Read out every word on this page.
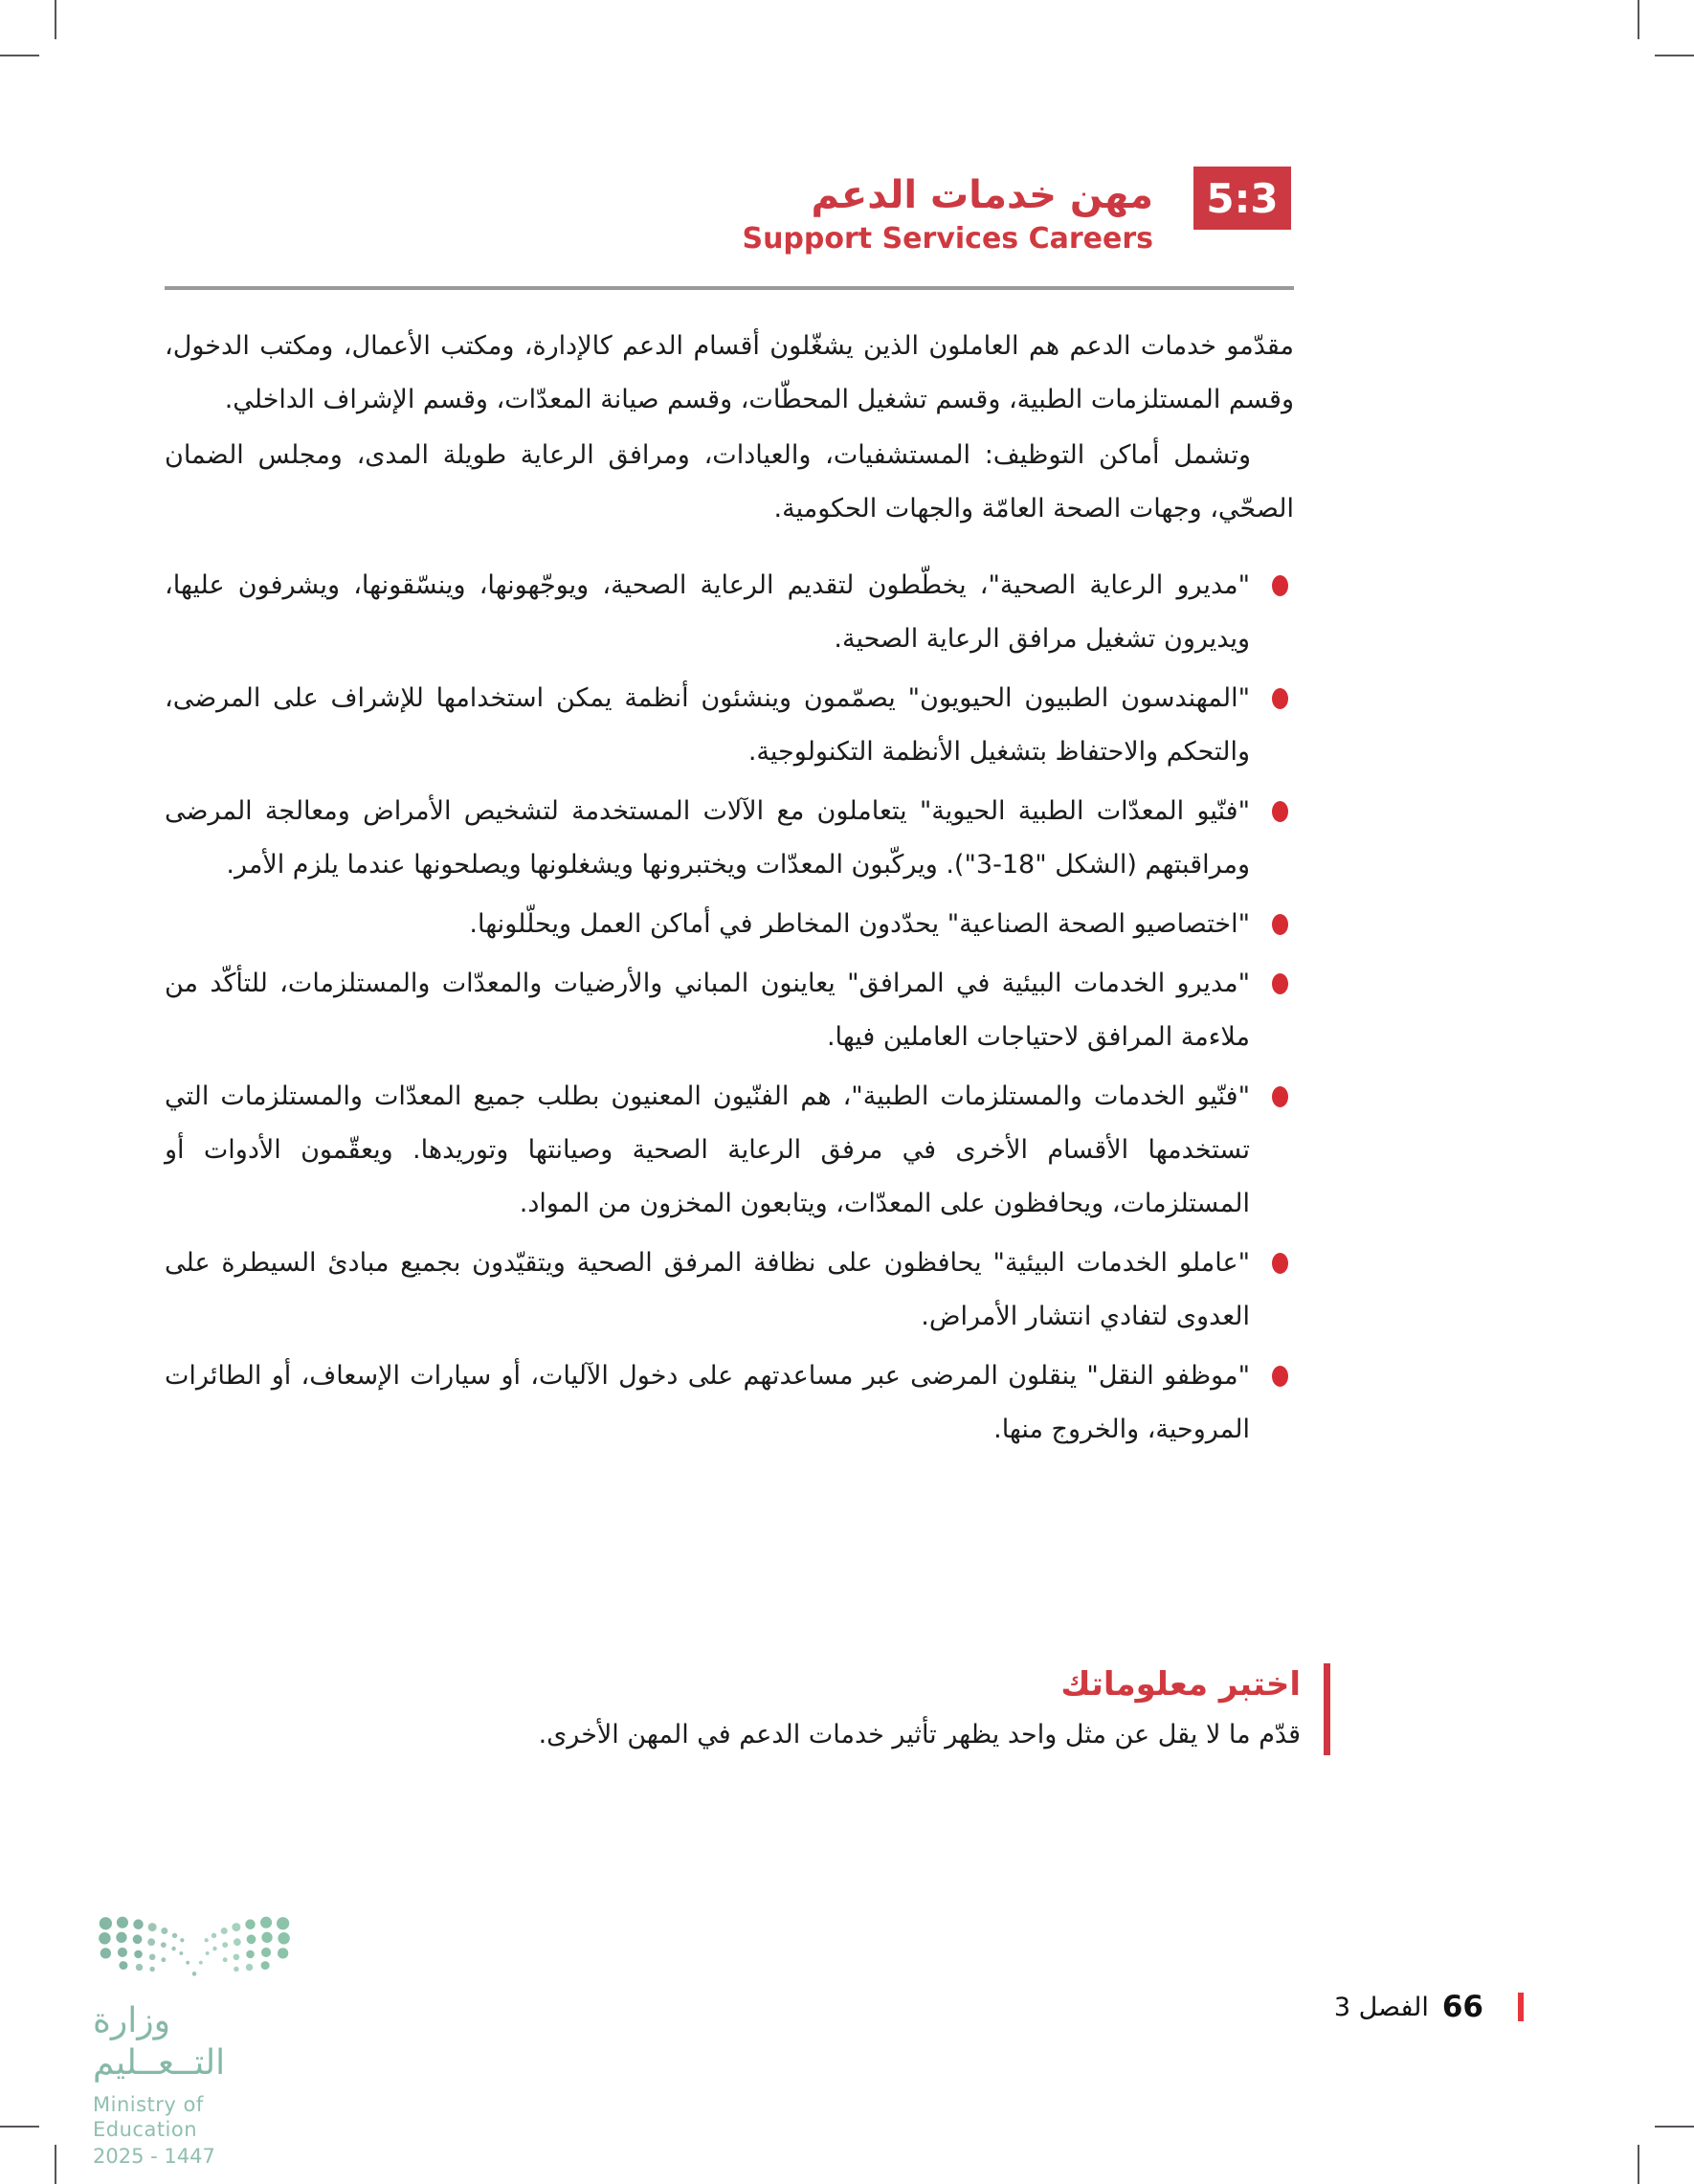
5:3
مهن خدمات الدعم
Support Services Careers

مقدّمو خدمات الدعم هم العاملون الذين يشغّلون أقسام الدعم كالإدارة، ومكتب الأعمال، ومكتب الدخول، وقسم المستلزمات الطبية، وقسم تشغيل المحطّات، وقسم صيانة المعدّات، وقسم الإشراف الداخلي.

وتشمل أماكن التوظيف: المستشفيات، والعيادات، ومرافق الرعاية طويلة المدى، ومجلس الضمان الصحّي، وجهات الصحة العامّة والجهات الحكومية.

"مديرو الرعاية الصحية"، يخطّطون لتقديم الرعاية الصحية، ويوجّهونها، وينسّقونها، ويشرفون عليها، ويديرون تشغيل مرافق الرعاية الصحية.
"المهندسون الطبيون الحيويون" يصمّمون وينشئون أنظمة يمكن استخدامها للإشراف على المرضى، والتحكم والاحتفاظ بتشغيل الأنظمة التكنولوجية.
"فنّيو المعدّات الطبية الحيوية" يتعاملون مع الآلات المستخدمة لتشخيص الأمراض ومعالجة المرضى ومراقبتهم (الشكل "18-3"). ويركّبون المعدّات ويختبرونها ويشغلونها ويصلحونها عندما يلزم الأمر.
"اختصاصيو الصحة الصناعية" يحدّدون المخاطر في أماكن العمل ويحلّلونها.
"مديرو الخدمات البيئية في المرافق" يعاينون المباني والأرضيات والمعدّات والمستلزمات، للتأكّد من ملاءمة المرافق لاحتياجات العاملين فيها.
"فنّيو الخدمات والمستلزمات الطبية"، هم الفنّيون المعنيون بطلب جميع المعدّات والمستلزمات التي تستخدمها الأقسام الأخرى في مرفق الرعاية الصحية وصيانتها وتوريدها. ويعقّمون الأدوات أو المستلزمات، ويحافظون على المعدّات، ويتابعون المخزون من المواد.
"عاملو الخدمات البيئية" يحافظون على نظافة المرفق الصحية ويتقيّدون بجميع مبادئ السيطرة على العدوى لتفادي انتشار الأمراض.
"موظفو النقل" ينقلون المرضى عبر مساعدتهم على دخول الآليات، أو سيارات الإسعاف، أو الطائرات المروحية، والخروج منها.
اختبر معلوماتك

قدّم ما لا يقل عن مثل واحد يظهر تأثير خدمات الدعم في المهن الأخرى.

وزارة التــعــليم
Ministry of Education
2025 - 1447
الفصل 3 66
